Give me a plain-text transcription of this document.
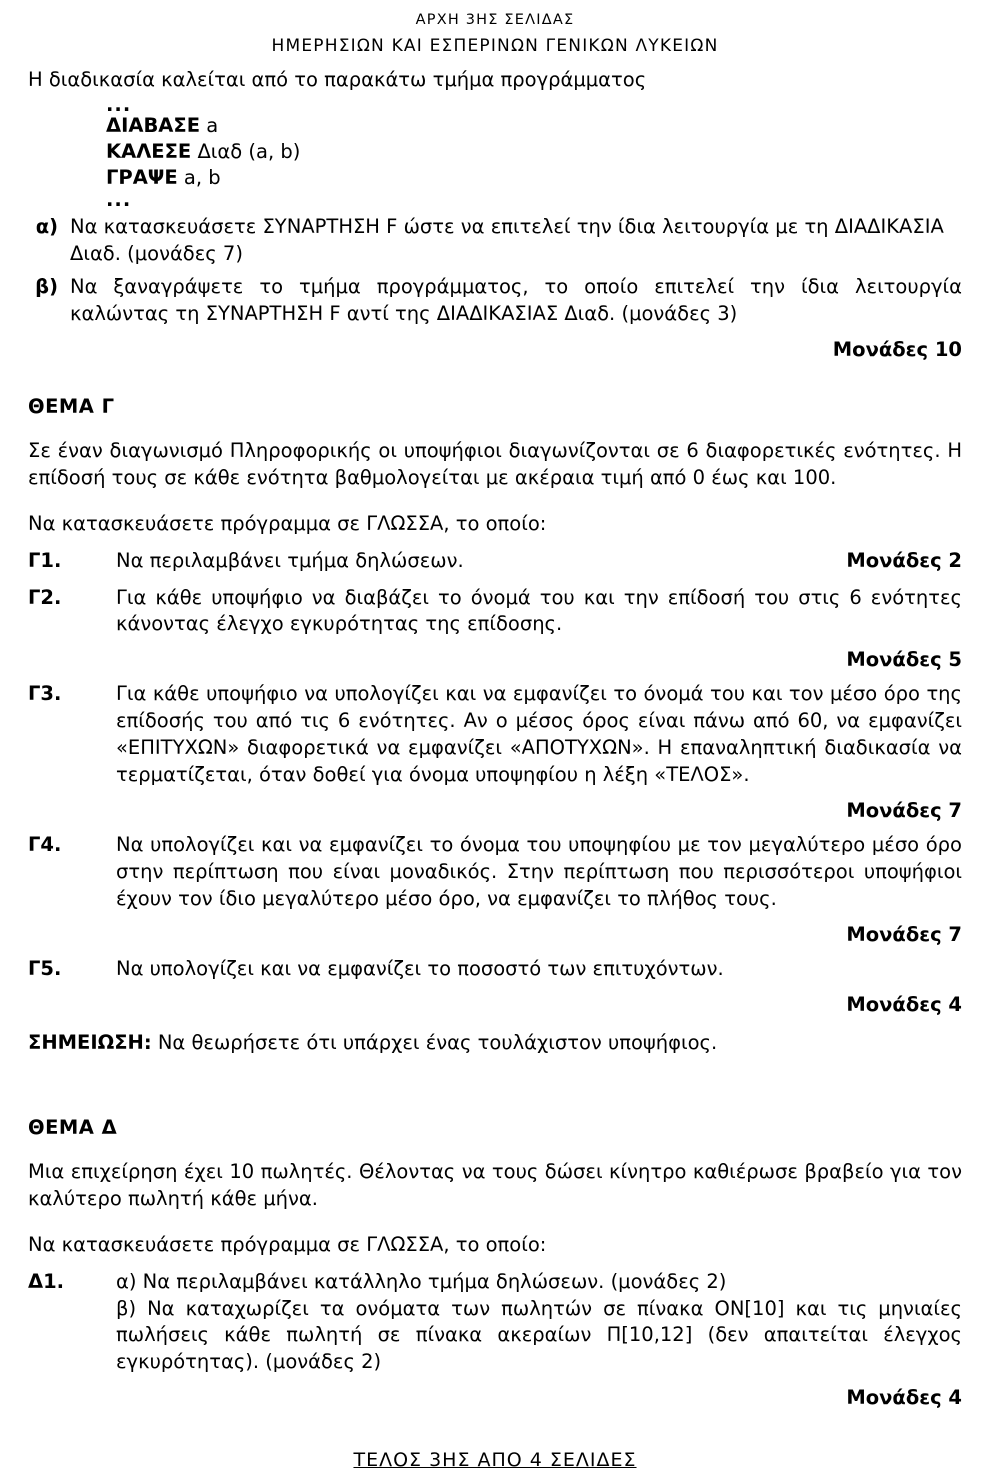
ΑΡΧΗ 3ΗΣ ΣΕΛΙΔΑΣ
ΗΜΕΡΗΣΙΩΝ ΚΑΙ ΕΣΠΕΡΙΝΩΝ ΓΕΝΙΚΩΝ ΛΥΚΕΙΩΝ
Η διαδικασία καλείται από το παρακάτω τμήμα προγράμματος
...
ΔΙΑΒΑΣΕ a
ΚΑΛΕΣΕ Διαδ (a, b)
ΓΡΑΨΕ a, b
...
α) Να κατασκευάσετε ΣΥΝΑΡΤΗΣΗ F ώστε να επιτελεί την ίδια λειτουργία με τη ΔΙΑΔΙΚΑΣΙΑ Διαδ. (μονάδες 7)
β) Να ξαναγράψετε το τμήμα προγράμματος, το οποίο επιτελεί την ίδια λειτουργία καλώντας τη ΣΥΝΑΡΤΗΣΗ F αντί της ΔΙΑΔΙΚΑΣΙΑΣ Διαδ. (μονάδες 3)
Μονάδες 10
ΘΕΜΑ Γ
Σε έναν διαγωνισμό Πληροφορικής οι υποψήφιοι διαγωνίζονται σε 6 διαφορετικές ενότητες. Η επίδοσή τους σε κάθε ενότητα βαθμολογείται με ακέραια τιμή από 0 έως και 100.
Να κατασκευάσετε πρόγραμμα σε ΓΛΩΣΣΑ, το οποίο:
Γ1.	Να περιλαμβάνει τμήμα δηλώσεων.	Μονάδες 2
Γ2.	Για κάθε υποψήφιο να διαβάζει το όνομά του και την επίδοσή του στις 6 ενότητες κάνοντας έλεγχο εγκυρότητας της επίδοσης.
Μονάδες 5
Γ3.	Για κάθε υποψήφιο να υπολογίζει και να εμφανίζει το όνομά του και τον μέσο όρο της επίδοσής του από τις 6 ενότητες. Αν ο μέσος όρος είναι πάνω από 60, να εμφανίζει «ΕΠΙΤΥΧΩΝ» διαφορετικά να εμφανίζει «ΑΠΟΤΥΧΩΝ». Η επαναληπτική διαδικασία να τερματίζεται, όταν δοθεί για όνομα υποψηφίου η λέξη «ΤΕΛΟΣ».
Μονάδες 7
Γ4.	Να υπολογίζει και να εμφανίζει το όνομα του υποψηφίου με τον μεγαλύτερο μέσο όρο στην περίπτωση που είναι μοναδικός. Στην περίπτωση που περισσότεροι υποψήφιοι έχουν τον ίδιο μεγαλύτερο μέσο όρο, να εμφανίζει το πλήθος τους.
Μονάδες 7
Γ5.	Να υπολογίζει και να εμφανίζει το ποσοστό των επιτυχόντων.
Μονάδες 4
ΣΗΜΕΙΩΣΗ: Να θεωρήσετε ότι υπάρχει ένας τουλάχιστον υποψήφιος.
ΘΕΜΑ Δ
Μια επιχείρηση έχει 10 πωλητές. Θέλοντας να τους δώσει κίνητρο καθιέρωσε βραβείο για τον καλύτερο πωλητή κάθε μήνα.
Να κατασκευάσετε πρόγραμμα σε ΓΛΩΣΣΑ, το οποίο:
Δ1.	α) Να περιλαμβάνει κατάλληλο τμήμα δηλώσεων. (μονάδες 2)
β) Να καταχωρίζει τα ονόματα των πωλητών σε πίνακα ΟΝ[10] και τις μηνιαίες πωλήσεις κάθε πωλητή σε πίνακα ακεραίων Π[10,12] (δεν απαιτείται έλεγχος εγκυρότητας). (μονάδες 2)
Μονάδες 4
ΤΕΛΟΣ 3ΗΣ ΑΠΟ 4 ΣΕΛΙΔΕΣ
